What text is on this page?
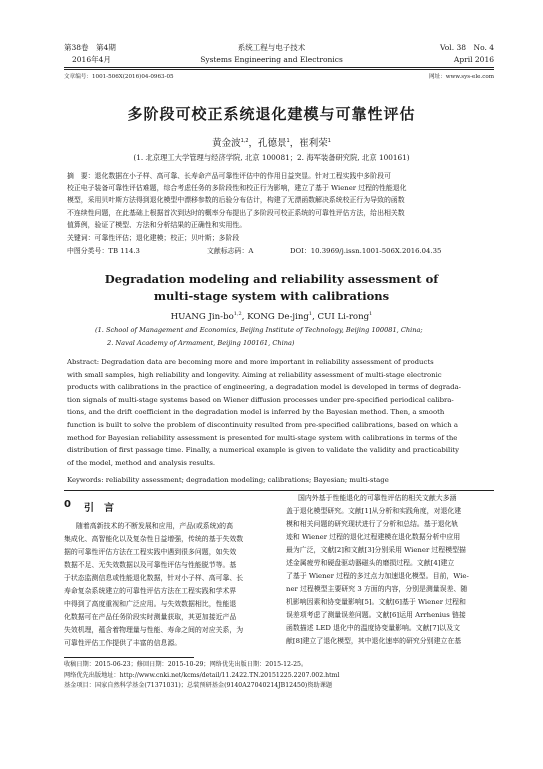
第38卷　第4期
2016年4月
系统工程与电子技术
Systems Engineering and Electronics
Vol. 38　No. 4
April 2016
文章编号：1001-506X(2016)04-0963-05	网址：www.sys-ele.com
多阶段可校正系统退化建模与可靠性评估
黄金波$^{1,2}$，孔德景$^1$，崔利荣$^1$
(1. 北京理工大学管理与经济学院, 北京 100081；2. 海军装备研究院, 北京 100161)
摘　要：退化数据在小子样、高可靠、长寿命产品可靠性评估中的作用日益突显。针对工程实践中多阶段可
校正电子装备可靠性评估难题，综合考虑任务的多阶段性和校正行为影响，建立了基于 Wiener 过程的性能退化
模型，采用贝叶斯方法得到退化模型中漂移参数的后验分布估计，构建了无漂函数解决系统校正行为导致的函数
不连续性问题，在此基础上根据首次到达时的概率分布提出了多阶段可校正系统的可靠性评估方法，给出相关数
值算例，验证了模型、方法和分析结果的正确性和实用性。
关键词：可靠性评估；退化建模；校正；贝叶斯；多阶段
中图分类号：TB 114.3	文献标志码：A	DOI：10.3969/j.issn.1001-506X.2016.04.35
Degradation modeling and reliability assessment of
multi-stage system with calibrations
HUANG Jin-bo$^{1,2}$, KONG De-jing$^1$, CUI Li-rong$^1$
(1. School of Management and Economics, Beijing Institute of Technology, Beijing 100081, China;
2. Naval Academy of Armament, Beijing 100161, China)
Abstract: Degradation data are becoming more and more important in reliability assessment of products
with small samples, high reliability and longevity. Aiming at reliability assessment of multi-stage electronic
products with calibrations in the practice of engineering, a degradation model is developed in terms of degrada-
tion signals of multi-stage systems based on Wiener diffusion processes under pre-specified periodical calibra-
tions, and the drift coefficient in the degradation model is inferred by the Bayesian method. Then, a smooth
function is built to solve the problem of discontinuity resulted from pre-specified calibrations, based on which a
method for Bayesian reliability assessment is presented for multi-stage system with calibrations in terms of the
distribution of first passage time. Finally, a numerical example is given to validate the validity and practicability
of the model, method and analysis results.
Keywords: reliability assessment; degradation modeling; calibrations; Bayesian; multi-stage
0 引　言
随着高新技术的不断发展和应用，产品(或系统)的高
集成化、高智能化以及复杂性日益增强，传统的基于失效数
据的可靠性评估方法在工程实践中遇到很多问题，如失效
数据不足、无失效数据以及可靠性评估与性能脱节等。基
于状态监测信息或性能退化数据，针对小子样、高可靠、长
寿命复杂系统建立的可靠性评估方法在工程实践和学术界
中得到了高度重视和广泛应用。与失效数据相比，性能退
化数据可在产品任务阶段实时测量获取，其更加接近产品
失效机理，蕴含着物理量与性能、寿命之间的对应关系，为
可靠性评估工作提供了丰富的信息源。
国内外基于性能退化的可靠性评估的相关文献大多涵
盖于退化模型研究。文献[1]从分析和实践角度，对退化建
模和相关问题的研究现状进行了分析和总结。基于退化轨
迹和 Wiener 过程的退化过程建模在退化数据分析中应用
最为广泛，文献[2]和文献[3]分别采用 Wiener 过程模型描
述金属疲劳和硬盘驱动器磁头的磨损过程。文献[4]建立
了基于 Wiener 过程的多过点力加速退化模型。目前，Wie-
ner 过程模型主要研究 3 方面的内容，分别是测量误差、随
机影响因素和协变量影响[5]。文献[6]基于 Wiener 过程和
误差项考虑了测量误差问题。文献[6]运用 Arrhenius 链接
函数描述 LED 退化中的温度协变量影响。文献[7]以及文
献[8]建立了退化模型，其中退化速率的研究分别建立在基
收稿日期：2015-06-23；修回日期：2015-10-29；网络优先出版日期：2015-12-25。
网络优先出版地址：http://www.cnki.net/kcms/detail/11.2422.TN.20151225.2207.002.html
基金项目：国家自然科学基金(71371031)；总装预研基金(9140A27040214JB12450)资助课题
